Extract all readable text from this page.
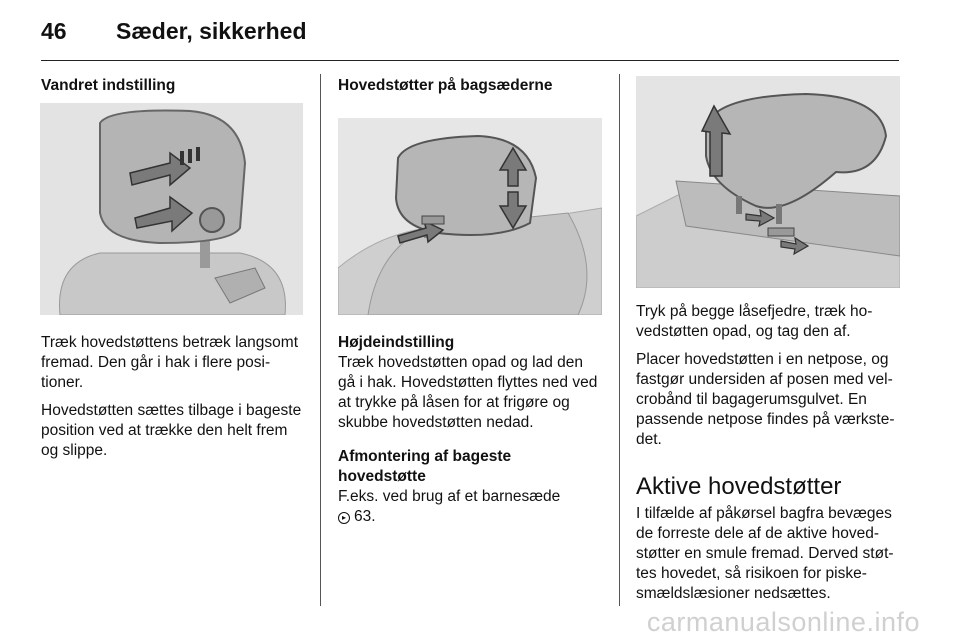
46 Sæder, sikkerhed
Vandret indstilling

Træk hovedstøttens betræk langsomt fremad. Den går i hak i flere positioner.

Hovedstøtten sættes tilbage i bageste position ved at trække den helt frem og slippe.

Hovedstøtter på bagsæderne
Højdeindstilling

Træk hovedstøtten opad og lad den gå i hak. Hovedstøtten flyttes ned ved at trykke på låsen for at frigøre og skubbe hovedstøtten nedad.

Afmontering af bageste hovedstøtte

F.eks. ved brug af et barnesæde

▸ 63.

Tryk på begge låsefjedre, træk hovedstøtten opad, og tag den af.

Placer hovedstøtten i en netpose, og fastgør undersiden af posen med velcrobånd til bagagerumsgulvet. En passende netpose findes på værkstedet.

Aktive hovedstøtter

I tilfælde af påkørsel bagfra bevæges de forreste dele af de aktive hovedstøtter en smule fremad. Derved støttes hovedet, så risikoen for piskesmældslæsioner nedsættes.

carmanualsonline.info
